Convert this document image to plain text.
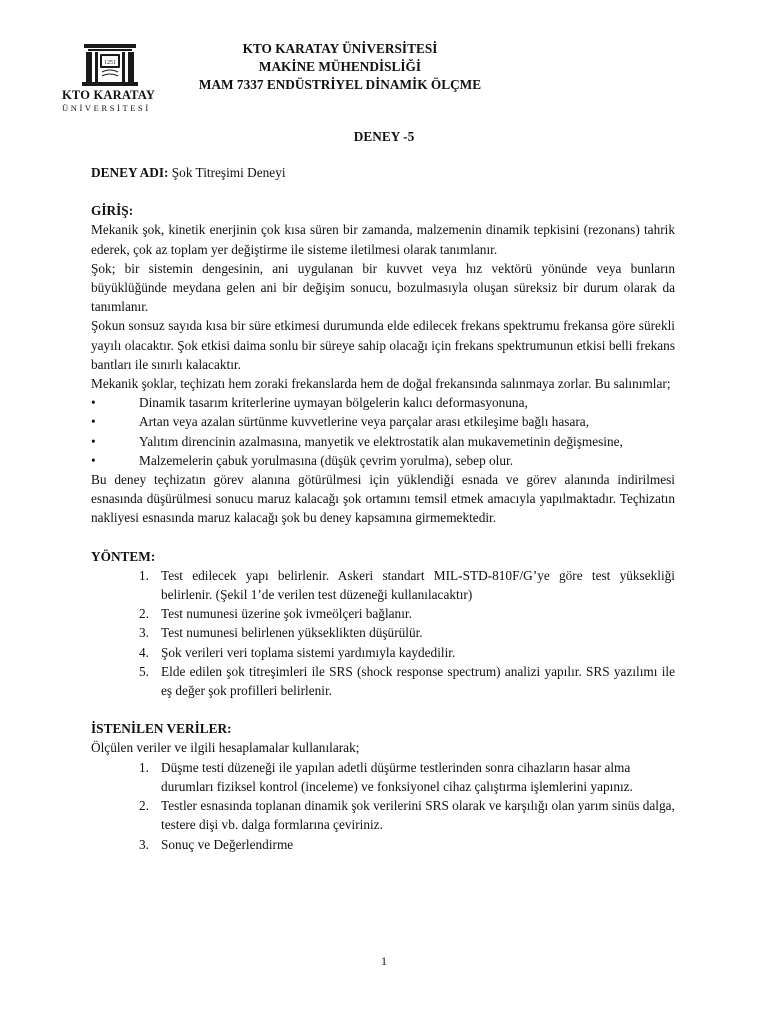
1251
KTO KARATAY
ÜNİVERSİTESİ
KTO KARATAY ÜNİVERSİTESİ
MAKİNE MÜHENDİSLİĞİ
MAM 7337 ENDÜSTRİYEL DİNAMİK ÖLÇME
DENEY -5

DENEY ADI: Şok Titreşimi Deneyi

GİRİŞ:

Mekanik şok, kinetik enerjinin çok kısa süren bir zamanda, malzemenin dinamik tepkisini (rezonans) tahrik ederek, çok az toplam yer değiştirme ile sisteme iletilmesi olarak tanımlanır.

Şok; bir sistemin dengesinin, ani uygulanan bir kuvvet veya hız vektörü yönünde veya bunların büyüklüğünde meydana gelen ani bir değişim sonucu, bozulmasıyla oluşan süreksiz bir durum olarak da tanımlanır.

Şokun sonsuz sayıda kısa bir süre etkimesi durumunda elde edilecek frekans spektrumu frekansa göre sürekli yayılı olacaktır. Şok etkisi daima sonlu bir süreye sahip olacağı için frekans spektrumunun etkisi belli frekans bantları ile sınırlı kalacaktır.

Mekanik şoklar, teçhizatı hem zoraki frekanslarda hem de doğal frekansında salınmaya zorlar. Bu salınımlar;

•	Dinamik tasarım kriterlerine uymayan bölgelerin kalıcı deformasyonuna,
•	Artan veya azalan sürtünme kuvvetlerine veya parçalar arası etkileşime bağlı hasara,
•	Yalıtım direncinin azalmasına, manyetik ve elektrostatik alan mukavemetinin değişmesine,
•	Malzemelerin çabuk yorulmasına (düşük çevrim yorulma), sebep olur.

Bu deney teçhizatın görev alanına götürülmesi için yüklendiği esnada ve görev alanında indirilmesi esnasında düşürülmesi sonucu maruz kalacağı şok ortamını temsil etmek amacıyla yapılmaktadır. Teçhizatın nakliyesi esnasında maruz kalacağı şok bu deney kapsamına girmemektedir.

YÖNTEM:
1. Test edilecek yapı belirlenir. Askeri standart MIL-STD-810F/G’ye göre test yüksekliği belirlenir. (Şekil 1’de verilen test düzeneği kullanılacaktır)
2. Test numunesi üzerine şok ivmeölçeri bağlanır.
3. Test numunesi belirlenen yükseklikten düşürülür.
4. Şok verileri veri toplama sistemi yardımıyla kaydedilir.
5. Elde edilen şok titreşimleri ile SRS (shock response spectrum) analizi yapılır. SRS yazılımı ile eş değer şok profilleri belirlenir.
İSTENİLEN VERİLER:

Ölçülen veriler ve ilgili hesaplamalar kullanılarak;

1. Düşme testi düzeneği ile yapılan adetli düşürme testlerinden sonra cihazların hasar alma durumları fiziksel kontrol (inceleme) ve fonksiyonel cihaz çalıştırma işlemlerini yapınız.
2. Testler esnasında toplanan dinamik şok verilerini SRS olarak ve karşılığı olan yarım sinüs dalga, testere dişi vb. dalga formlarına çeviriniz.
3. Sonuç ve Değerlendirme
1
